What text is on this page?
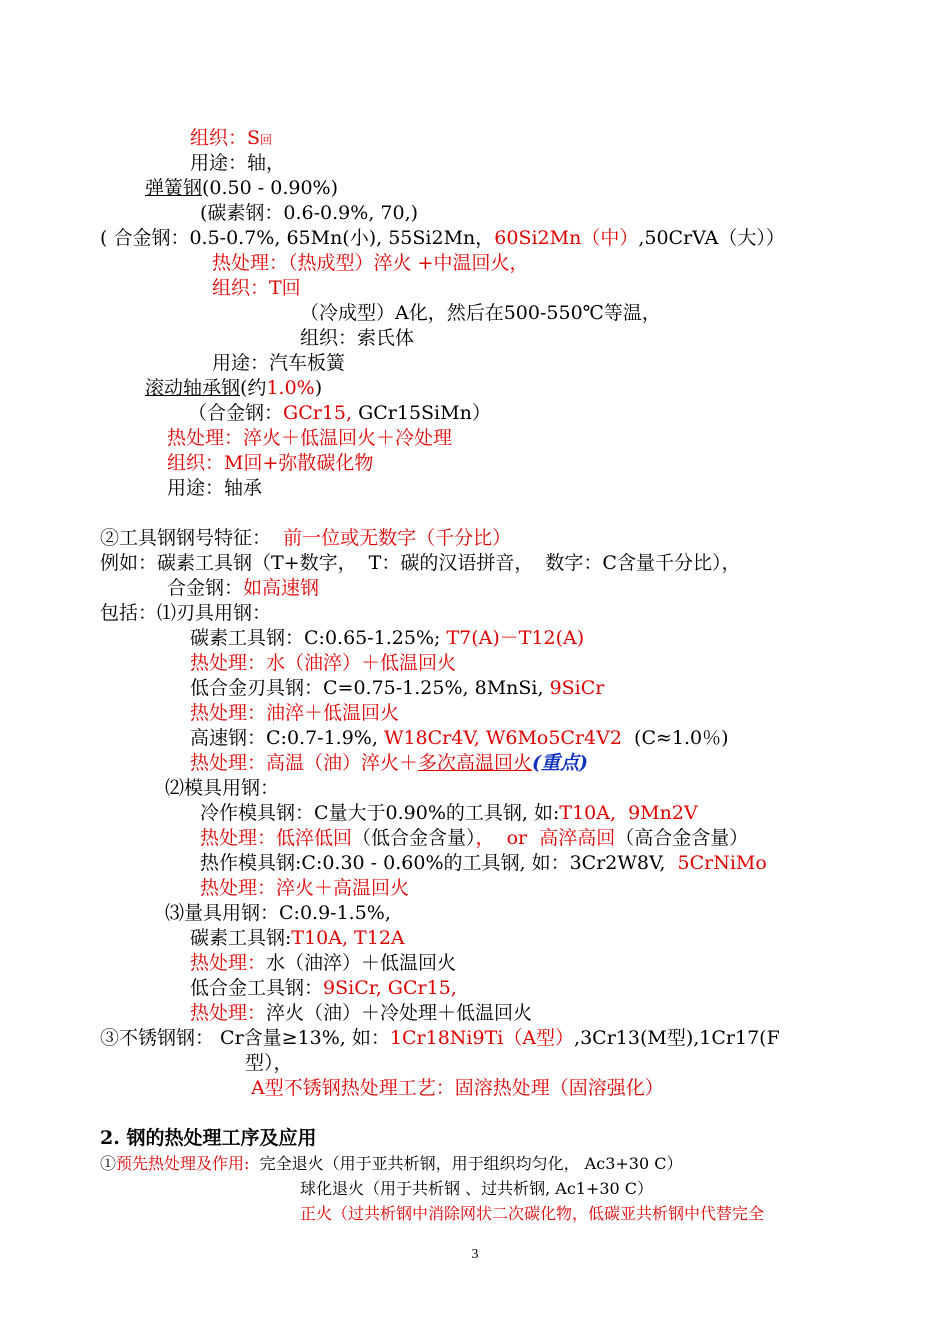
组织：S回
用途：轴，
弹簧钢(0.50 - 0.90%)
(碳素钢：0.6-0.9%, 70,)
( 合金钢：0.5-0.7%, 65Mn(小), 55Si2Mn，60Si2Mn（中）,50CrVA（大））
热处理：（热成型）淬火 +中温回火，
组织：T回
（冷成型）A化，然后在500-550℃等温，
组织：索氏体
用途：汽车板簧
滚动轴承钢(约1.0%)
（合金钢：GCr15, GCr15SiMn）
热处理：淬火＋低温回火＋冷处理
组织：M回+弥散碳化物
用途：轴承
②工具钢钢号特征：  前一位或无数字（千分比）
例如：碳素工具钢（T+数字，  T：碳的汉语拼音，  数字：C含量千分比），
合金钢：如高速钢
包括：⑴刃具用钢：
碳素工具钢：C:0.65-1.25%; T7(A)－T12(A)
热处理：水（油淬）＋低温回火
低合金刃具钢：C=0.75-1.25%, 8MnSi, 9SiCr
热处理：油淬＋低温回火
高速钢：C:0.7-1.9%, W18Cr4V, W6Mo5Cr4V2  (C≈1.0％)
热处理：高温（油）淬火＋多次高温回火(重点)
⑵模具用钢：
冷作模具钢：C量大于0.90%的工具钢, 如:T10A,  9Mn2V
热处理：低淬低回（低合金含量），  or  高淬高回（高合金含量）
热作模具钢:C:0.30 - 0.60%的工具钢, 如：3Cr2W8V,  5CrNiMo
热处理：淬火＋高温回火
⑶量具用钢：C:0.9-1.5%,
碳素工具钢:T10A, T12A
热处理：水（油淬）＋低温回火
低合金工具钢：9SiCr, GCr15,
热处理：淬火（油）＋冷处理＋低温回火
③不锈钢钢： Cr含量≥13%, 如：1Cr18Ni9Ti（A型）,3Cr13(M型),1Cr17(F
型），
A型不锈钢热处理工艺：固溶热处理（固溶强化）
2. 钢的热处理工序及应用
①预先热处理及作用:  完全退火（用于亚共析钢，用于组织均匀化， Ac3+30 C）
球化退火（用于共析钢 、过共析钢, Ac1+30 C）
正火（过共析钢中消除网状二次碳化物，低碳亚共析钢中代替完全
3
